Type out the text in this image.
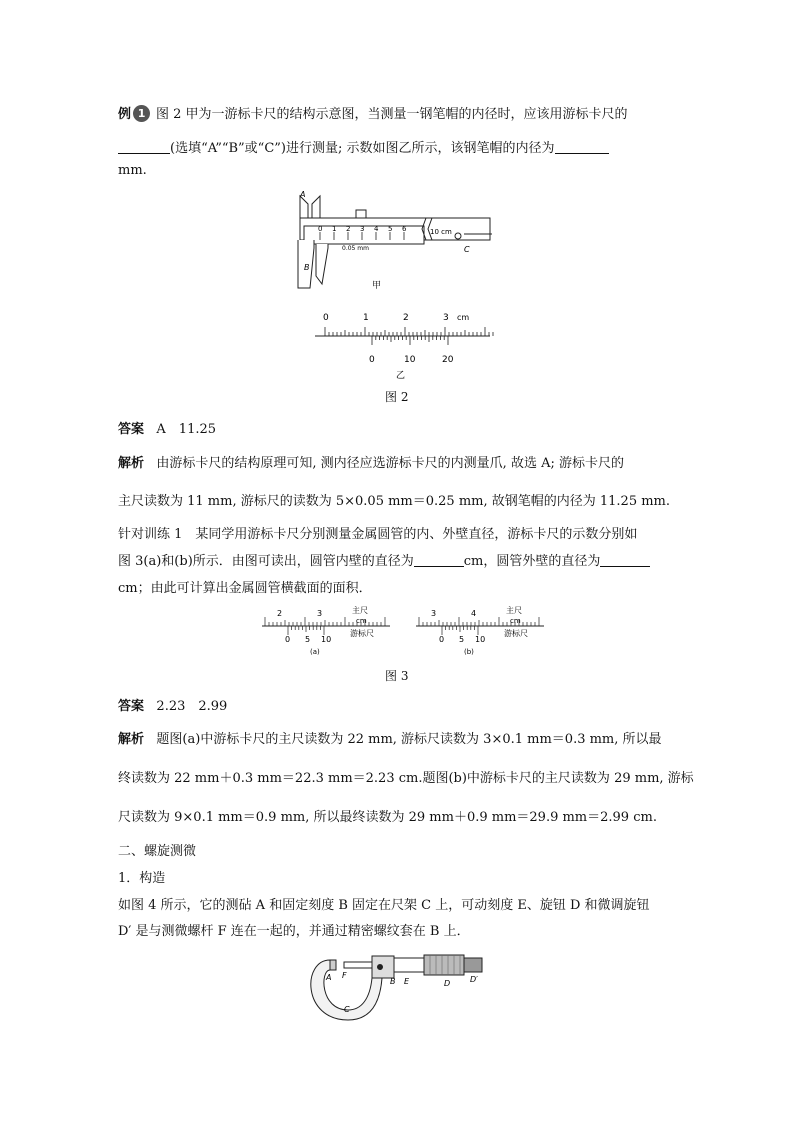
例 1 图 2 甲为一游标卡尺的结构示意图，当测量一钢笔帽的内径时，应该用游标卡尺的
(选填“A”“B”或“C”)进行测量; 示数如图乙所示，该钢笔帽的内径为
mm.
A
B
C
10 cm
0 1 2 3 4 5 6
0.05 mm
甲
0	1	2	3 cm
0	10	20
乙
图 2
答案 A　11.25
解析 由游标卡尺的结构原理可知, 测内径应选游标卡尺的内测量爪, 故选 A; 游标卡尺的
主尺读数为 11 mm, 游标尺的读数为 5×0.05 mm＝0.25 mm, 故钢笔帽的内径为 11.25 mm.
针对训练 1　某同学用游标卡尺分别测量金属圆管的内、外壁直径，游标卡尺的示数分别如
图 3(a)和(b)所示．由图可读出，圆管内壁的直径为	cm，圆管外壁的直径为
cm；由此可计算出金属圆管横截面的面积．
2	3	主尺
cm
0 5 10
游标尺
(a)
3	4	主尺
cm
0 5 10
游标尺
(b)
图 3
答案 2.23　2.99
解析 题图(a)中游标卡尺的主尺读数为 22 mm, 游标尺读数为 3×0.1 mm＝0.3 mm, 所以最
终读数为 22 mm＋0.3 mm＝22.3 mm＝2.23 cm.题图(b)中游标卡尺的主尺读数为 29 mm, 游标
尺读数为 9×0.1 mm＝0.9 mm, 所以最终读数为 29 mm＋0.9 mm＝29.9 mm＝2.99 cm.
二、螺旋测微
1．构造
如图 4 所示，它的测砧 A 和固定刻度 B 固定在尺架 C 上，可动刻度 E、旋钮 D 和微调旋钮
D′ 是与测微螺杆 F 连在一起的，并通过精密螺纹套在 B 上．
A F
B E	D D′
C
